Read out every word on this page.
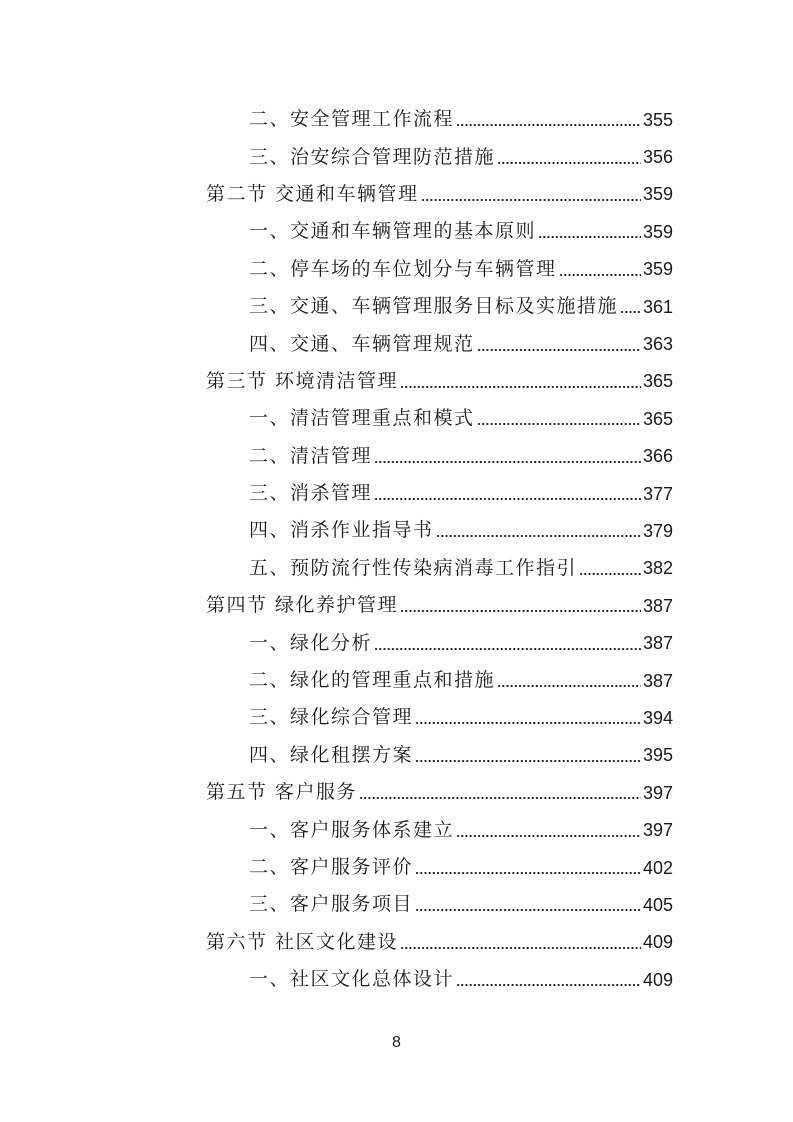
二、安全管理工作流程	355
三、治安综合管理防范措施	356
第二节 交通和车辆管理	359
一、交通和车辆管理的基本原则	359
二、停车场的车位划分与车辆管理	359
三、交通、车辆管理服务目标及实施措施 361
四、交通、车辆管理规范	363
第三节 环境清洁管理	365
一、清洁管理重点和模式	365
二、清洁管理	366
三、消杀管理	377
四、消杀作业指导书	379
五、预防流行性传染病消毒工作指引	382
第四节 绿化养护管理	387
一、绿化分析	387
二、绿化的管理重点和措施	387
三、绿化综合管理	394
四、绿化租摆方案	395
第五节 客户服务	397
一、客户服务体系建立	397
二、客户服务评价	402
三、客户服务项目	405
第六节 社区文化建设	409
一、社区文化总体设计	409
8
